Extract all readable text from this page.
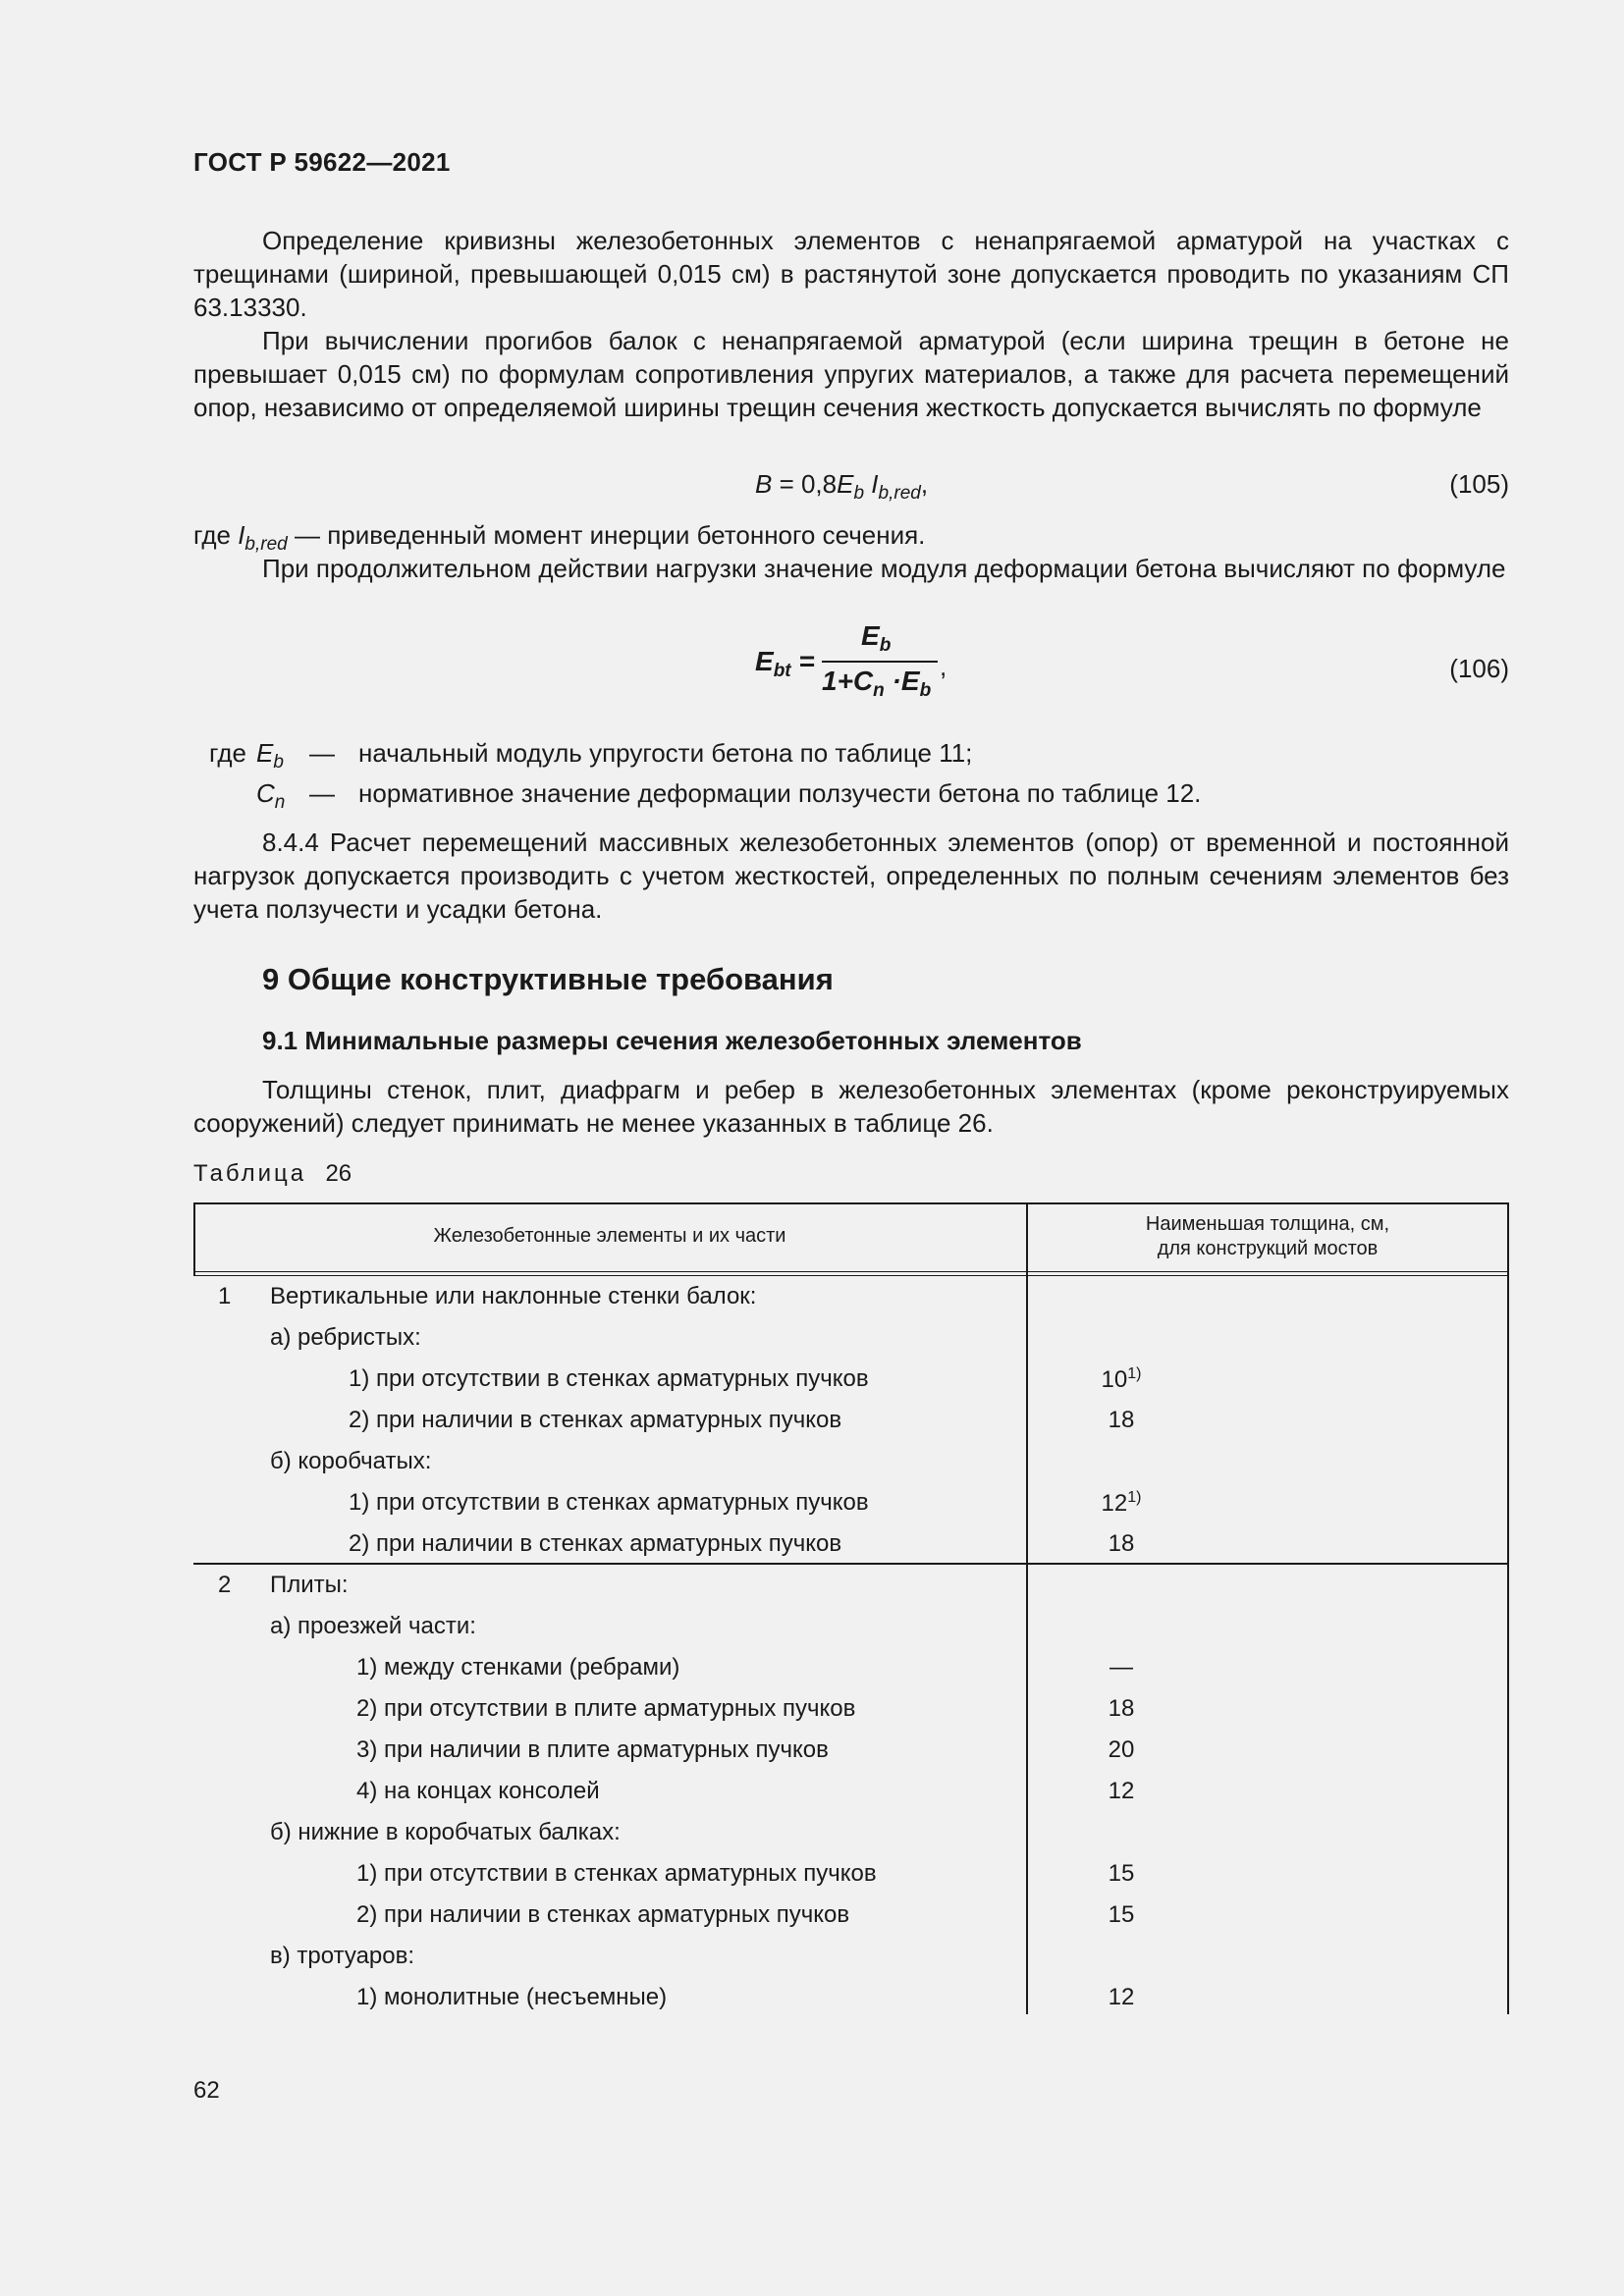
ГОСТ Р 59622—2021

Определение кривизны железобетонных элементов с ненапрягаемой арматурой на участках с трещинами (шириной, превышающей 0,015 см) в растянутой зоне допускается проводить по указаниям СП 63.13330.

При вычислении прогибов балок с ненапрягаемой арматурой (если ширина трещин в бетоне не превышает 0,015 см) по формулам сопротивления упругих материалов, а также для расчета перемещений опор, независимо от определяемой ширины трещин сечения жесткость допускается вычислять по формуле

$B = 0,8E_b$ $I_{b,red}$,	(105)

где $I_{b,red}$ — приведенный момент инерции бетонного сечения.

При продолжительном действии нагрузки значение модуля деформации бетона вычисляют по формуле

$E_{bt}$ =
$E_b$
$1+C_n \cdot E_b$
,	(106)
где $E_b$ — начальный модуль упругости бетона по таблице 11;
$C_n$ — нормативное значение деформации ползучести бетона по таблице 12.

8.4.4 Расчет перемещений массивных железобетонных элементов (опор) от временной и постоянной нагрузок допускается производить с учетом жесткостей, определенных по полным сечениям элементов без учета ползучести и усадки бетона.

9 Общие конструктивные требования
9.1 Минимальные размеры сечения железобетонных элементов

Толщины стенок, плит, диафрагм и ребер в железобетонных элементах (кроме реконструируемых сооружений) следует принимать не менее указанных в таблице 26.

Таблица 26
Железобетонные элементы и их части
Наименьшая толщина, см,
для конструкций мостов
1 Вертикальные или наклонные стенки балок:
а) ребристых:
1) при отсутствии в стенках арматурных пучков	10$^{1)}$
2) при наличии в стенках арматурных пучков	18
б) коробчатых:
1) при отсутствии в стенках арматурных пучков	12$^{1)}$
2) при наличии в стенках арматурных пучков	18
2 Плиты:
а) проезжей части:
1) между стенками (ребрами)	—
2) при отсутствии в плите арматурных пучков	18
3) при наличии в плите арматурных пучков	20
4) на концах консолей	12
б) нижние в коробчатых балках:
1) при отсутствии в стенках арматурных пучков	15
2) при наличии в стенках арматурных пучков	15
в) тротуаров:
1) монолитные (несъемные)	12
62
